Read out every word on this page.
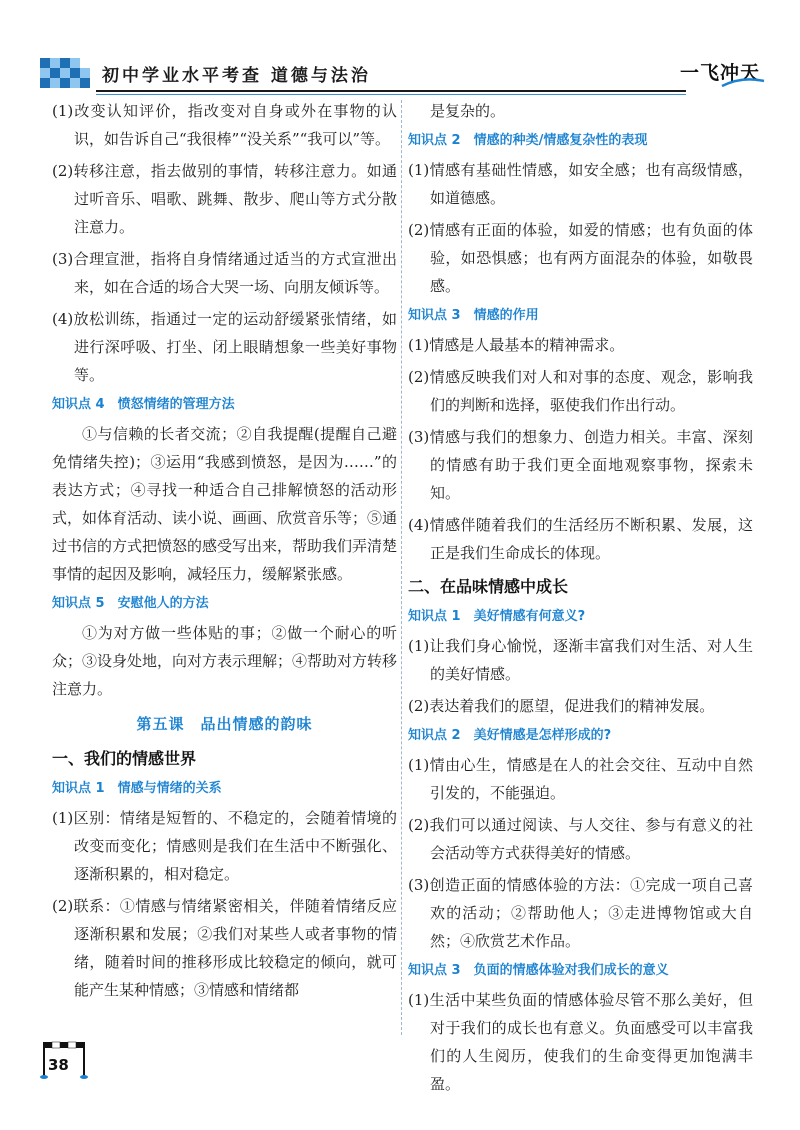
初中学业水平考查 道德与法治	一飞冲天

(1)改变认知评价，指改变对自身或外在事物的认识，如告诉自己“我很棒”“没关系”“我可以”等。

(2)转移注意，指去做别的事情，转移注意力。如通过听音乐、唱歌、跳舞、散步、爬山等方式分散注意力。

(3)合理宣泄，指将自身情绪通过适当的方式宣泄出来，如在合适的场合大哭一场、向朋友倾诉等。

(4)放松训练，指通过一定的运动舒缓紧张情绪，如进行深呼吸、打坐、闭上眼睛想象一些美好事物等。

知识点 4　愤怒情绪的管理方法

①与信赖的长者交流；②自我提醒(提醒自己避免情绪失控)；③运用“我感到愤怒，是因为……”的表达方式；④寻找一种适合自己排解愤怒的活动形式，如体育活动、读小说、画画、欣赏音乐等；⑤通过书信的方式把愤怒的感受写出来，帮助我们弄清楚事情的起因及影响，减轻压力，缓解紧张感。

知识点 5　安慰他人的方法

①为对方做一些体贴的事；②做一个耐心的听众；③设身处地，向对方表示理解；④帮助对方转移注意力。

第五课　品出情感的韵味
一、我们的情感世界
知识点 1　情感与情绪的关系

(1)区别：情绪是短暂的、不稳定的，会随着情境的改变而变化；情感则是我们在生活中不断强化、逐渐积累的，相对稳定。

(2)联系：①情感与情绪紧密相关，伴随着情绪反应逐渐积累和发展；②我们对某些人或者事物的情绪，随着时间的推移形成比较稳定的倾向，就可能产生某种情感；③情感和情绪都

是复杂的。

知识点 2　情感的种类/情感复杂性的表现

(1)情感有基础性情感，如安全感；也有高级情感，如道德感。

(2)情感有正面的体验，如爱的情感；也有负面的体验，如恐惧感；也有两方面混杂的体验，如敬畏感。

知识点 3　情感的作用

(1)情感是人最基本的精神需求。

(2)情感反映我们对人和对事的态度、观念，影响我们的判断和选择，驱使我们作出行动。

(3)情感与我们的想象力、创造力相关。丰富、深刻的情感有助于我们更全面地观察事物，探索未知。

(4)情感伴随着我们的生活经历不断积累、发展，这正是我们生命成长的体现。

二、在品味情感中成长
知识点 1　美好情感有何意义?

(1)让我们身心愉悦，逐渐丰富我们对生活、对人生的美好情感。

(2)表达着我们的愿望，促进我们的精神发展。

知识点 2　美好情感是怎样形成的?

(1)情由心生，情感是在人的社会交往、互动中自然引发的，不能强迫。

(2)我们可以通过阅读、与人交往、参与有意义的社会活动等方式获得美好的情感。

(3)创造正面的情感体验的方法：①完成一项自己喜欢的活动；②帮助他人；③走进博物馆或大自然；④欣赏艺术作品。

知识点 3　负面的情感体验对我们成长的意义

(1)生活中某些负面的情感体验尽管不那么美好，但对于我们的成长也有意义。负面感受可以丰富我们的人生阅历，使我们的生命变得更加饱满丰盈。

38
